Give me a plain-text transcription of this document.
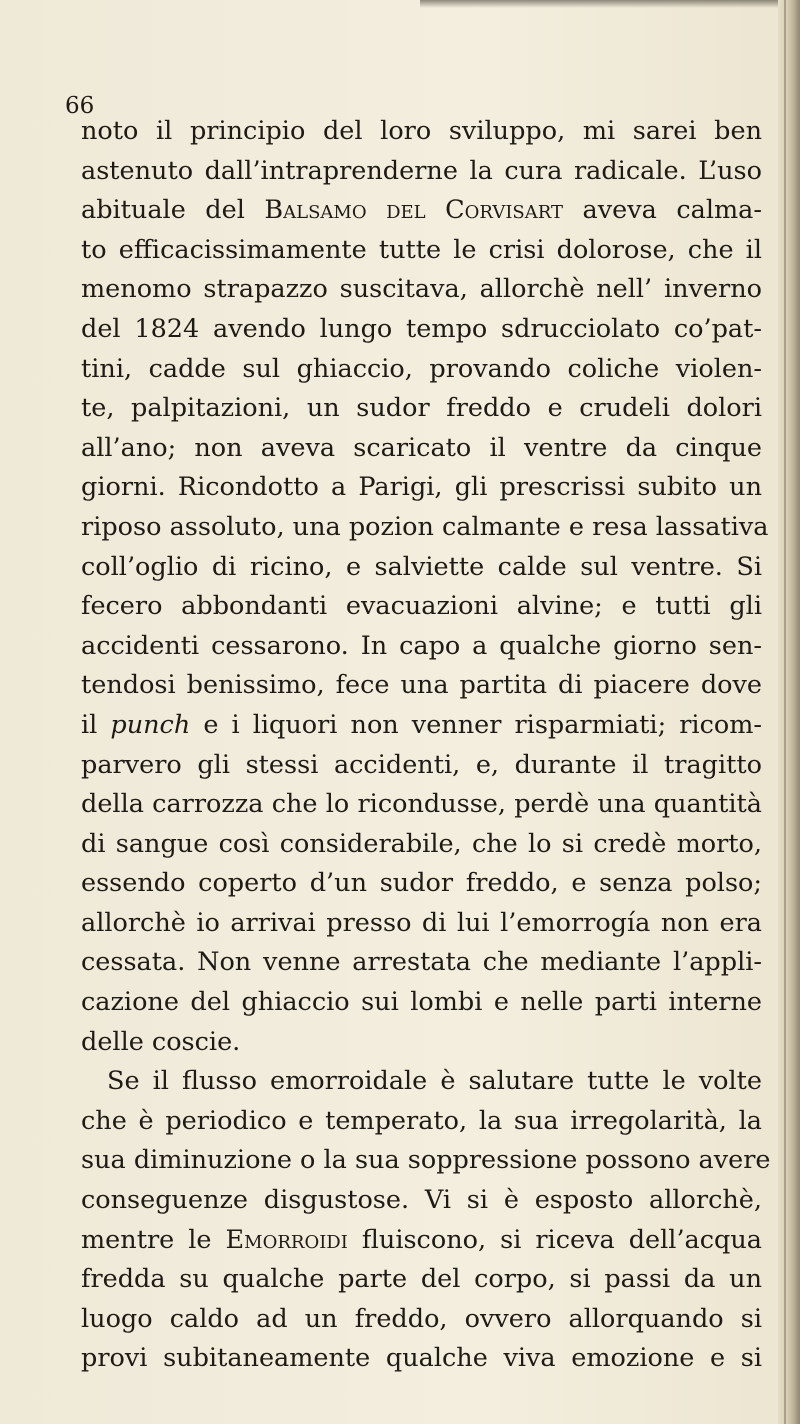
66
noto il principio del loro sviluppo, mi sarei ben
astenuto dall’intraprenderne la cura radicale. L’uso
abituale del Balsamo del Corvisart aveva calma-
to efficacissimamente tutte le crisi dolorose, che il
menomo strapazzo suscitava, allorchè nell’ inverno
del 1824 avendo lungo tempo sdrucciolato co’pat-
tini, cadde sul ghiaccio, provando coliche violen-
te, palpitazioni, un sudor freddo e crudeli dolori
all’ano; non aveva scaricato il ventre da cinque
giorni. Ricondotto a Parigi, gli prescrissi subito un
riposo assoluto, una pozion calmante e resa lassativa
coll’oglio di ricino, e salviette calde sul ventre. Si
fecero abbondanti evacuazioni alvine; e tutti gli
accidenti cessarono. In capo a qualche giorno sen-
tendosi benissimo, fece una partita di piacere dove
il punch e i liquori non venner risparmiati; ricom-
parvero gli stessi accidenti, e, durante il tragitto
della carrozza che lo ricondusse, perdè una quantità
di sangue così considerabile, che lo si credè morto,
essendo coperto d’un sudor freddo, e senza polso;
allorchè io arrivai presso di lui l’emorrogía non era
cessata. Non venne arrestata che mediante l’appli-
cazione del ghiaccio sui lombi e nelle parti interne
delle coscie.
Se il flusso emorroidale è salutare tutte le volte
che è periodico e temperato, la sua irregolarità, la
sua diminuzione o la sua soppressione possono avere
conseguenze disgustose. Vi si è esposto allorchè,
mentre le Emorroidi fluiscono, si riceva dell’acqua
fredda su qualche parte del corpo, si passi da un
luogo caldo ad un freddo, ovvero allorquando si
provi subitaneamente qualche viva emozione e si
